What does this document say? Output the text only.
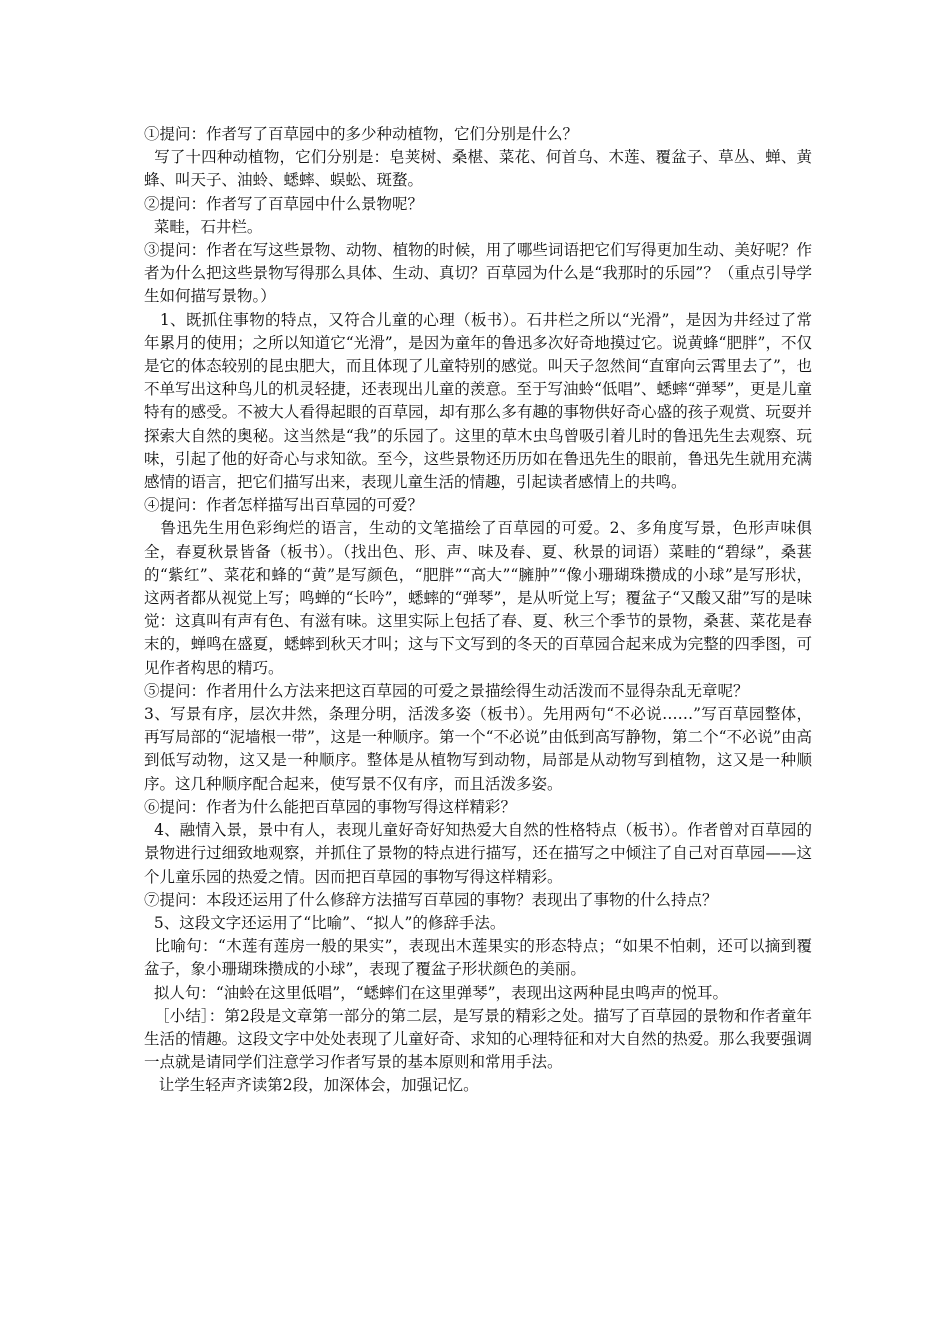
①提问：作者写了百草园中的多少种动植物，它们分别是什么？

写了十四种动植物，它们分别是：皂荚树、桑椹、菜花、何首乌、木莲、覆盆子、草丛、蝉、黄蜂、叫天子、油蛉、蟋蟀、蜈蚣、斑蝥。

②提问：作者写了百草园中什么景物呢？

菜畦，石井栏。

③提问：作者在写这些景物、动物、植物的时候，用了哪些词语把它们写得更加生动、美好呢？作者为什么把这些景物写得那么具体、生动、真切？百草园为什么是“我那时的乐园”？（重点引导学生如何描写景物。）

1、既抓住事物的特点，又符合儿童的心理（板书）。石井栏之所以“光滑”，是因为井经过了常年累月的使用；之所以知道它“光滑”，是因为童年的鲁迅多次好奇地摸过它。说黄蜂“肥胖”，不仅是它的体态较别的昆虫肥大，而且体现了儿童特别的感觉。叫天子忽然间“直窜向云霄里去了”，也不单写出这种鸟儿的机灵轻捷，还表现出儿童的羡意。至于写油蛉“低唱”、蟋蟀“弹琴”，更是儿童特有的感受。不被大人看得起眼的百草园，却有那么多有趣的事物供好奇心盛的孩子观赏、玩耍并探索大自然的奥秘。这当然是“我”的乐园了。这里的草木虫鸟曾吸引着儿时的鲁迅先生去观察、玩味，引起了他的好奇心与求知欲。至今，这些景物还历历如在鲁迅先生的眼前，鲁迅先生就用充满感情的语言，把它们描写出来，表现儿童生活的情趣，引起读者感情上的共鸣。

④提问：作者怎样描写出百草园的可爱？

鲁迅先生用色彩绚烂的语言，生动的文笔描绘了百草园的可爱。2、多角度写景，色形声味俱全，春夏秋景皆备（板书）。（找出色、形、声、味及春、夏、秋景的词语）菜畦的“碧绿”，桑葚的“紫红”、菜花和蜂的“黄”是写颜色，“肥胖”“高大”“臃肿”“像小珊瑚珠攒成的小球”是写形状，这两者都从视觉上写；鸣蝉的“长吟”，蟋蟀的“弹琴”，是从听觉上写；覆盆子“又酸又甜”写的是味觉：这真叫有声有色、有滋有味。这里实际上包括了春、夏、秋三个季节的景物，桑葚、菜花是春末的，蝉鸣在盛夏，蟋蟀到秋天才叫；这与下文写到的冬天的百草园合起来成为完整的四季图，可见作者构思的精巧。

⑤提问：作者用什么方法来把这百草园的可爱之景描绘得生动活泼而不显得杂乱无章呢？

3、写景有序，层次井然，条理分明，活泼多姿（板书）。先用两句“不必说……”写百草园整体，再写局部的“泥墙根一带”，这是一种顺序。第一个“不必说”由低到高写静物，第二个“不必说”由高到低写动物，这又是一种顺序。整体是从植物写到动物，局部是从动物写到植物，这又是一种顺序。这几种顺序配合起来，使写景不仅有序，而且活泼多姿。

⑥提问：作者为什么能把百草园的事物写得这样精彩？

4、融情入景，景中有人，表现儿童好奇好知热爱大自然的性格特点（板书）。作者曾对百草园的景物进行过细致地观察，并抓住了景物的特点进行描写，还在描写之中倾注了自己对百草园——这个儿童乐园的热爱之情。因而把百草园的事物写得这样精彩。

⑦提问：本段还运用了什么修辞方法描写百草园的事物？表现出了事物的什么持点？

5、这段文字还运用了“比喻”、“拟人”的修辞手法。

比喻句：“木莲有莲房一般的果实”，表现出木莲果实的形态特点；“如果不怕刺，还可以摘到覆盆子，象小珊瑚珠攒成的小球”，表现了覆盆子形状颜色的美丽。

拟人句：“油蛉在这里低唱”，“蟋蟀们在这里弹琴”，表现出这两种昆虫鸣声的悦耳。

［小结］：第2段是文章第一部分的第二层，是写景的精彩之处。描写了百草园的景物和作者童年生活的情趣。这段文字中处处表现了儿童好奇、求知的心理特征和对大自然的热爱。那么我要强调一点就是请同学们注意学习作者写景的基本原则和常用手法。

让学生轻声齐读第2段，加深体会，加强记忆。
